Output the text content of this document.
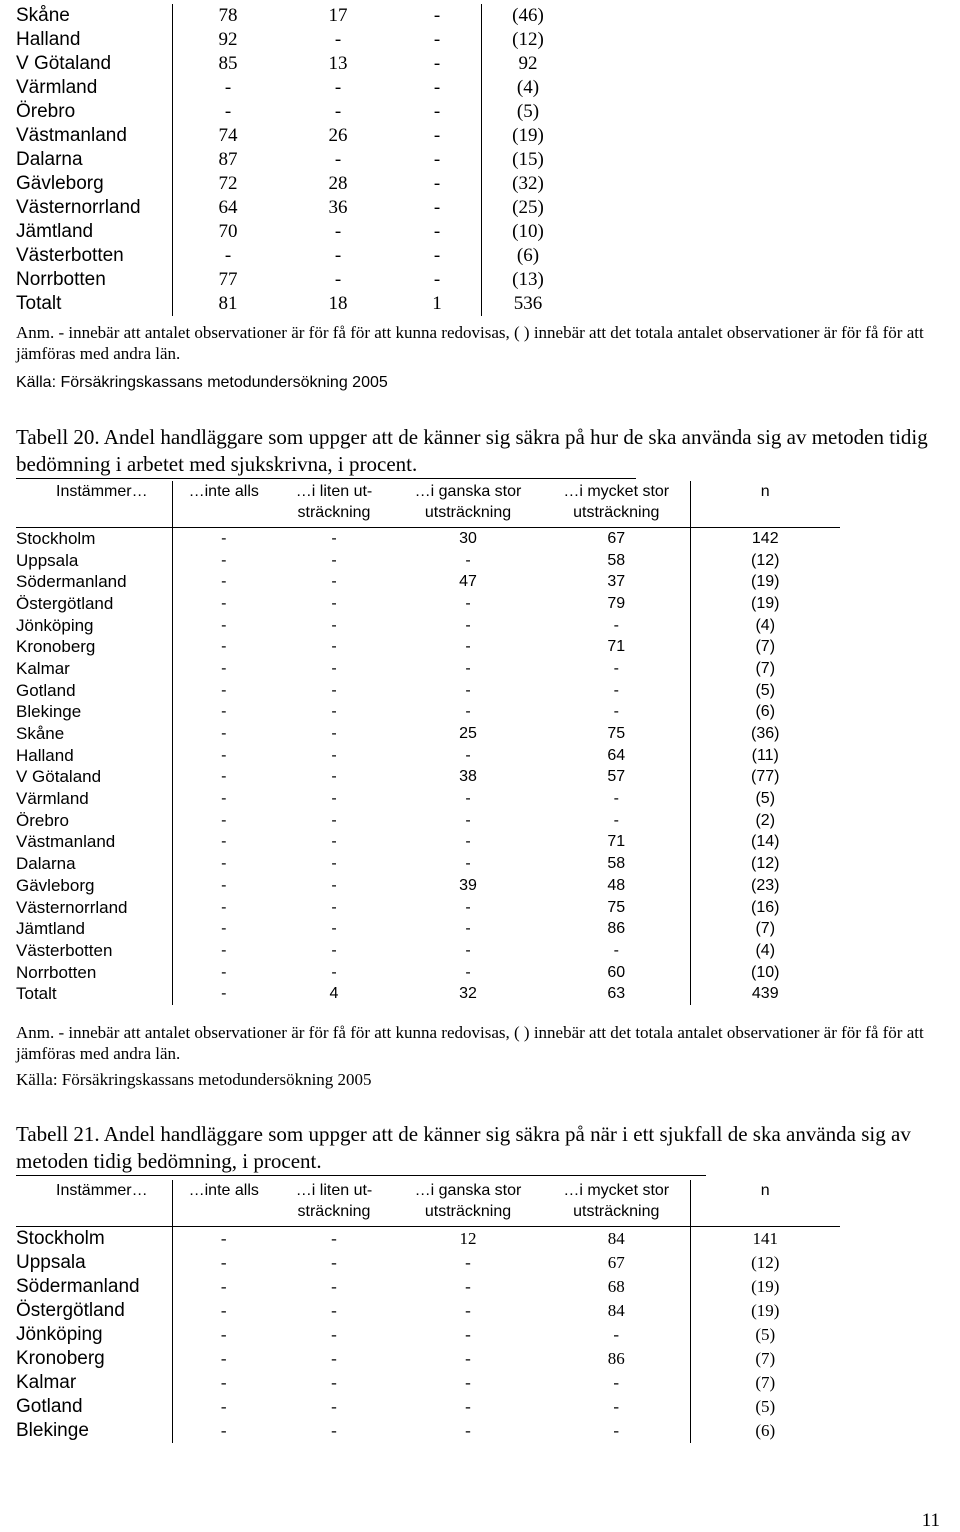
Skåne	78	17	-	(46)
Halland	92	-	-	(12)
V Götaland	85	13	-	92
Värmland	-	-	-	(4)
Örebro	-	-	-	(5)
Västmanland	74	26	-	(19)
Dalarna	87	-	-	(15)
Gävleborg	72	28	-	(32)
Västernorrland	64	36	-	(25)
Jämtland	70	-	-	(10)
Västerbotten	-	-	-	(6)
Norrbotten	77	-	-	(13)
Totalt	81	18	1	536
Anm. - innebär att antalet observationer är för få för att kunna redovisas, ( ) innebär att det totala antalet observationer är för få för att jämföras med andra län.
Källa: Försäkringskassans metodundersökning 2005
Tabell 20. Andel handläggare som uppger att de känner sig säkra på hur de ska använda sig av metoden tidig bedömning i arbetet med sjukskrivna, i procent.
Instämmer…	…inte alls	…i liten ut-sträckning	…i ganska stor utsträckning	…i mycket stor utsträckning	n
Stockholm	-	-	30	67	142
Uppsala	-	-	-	58	(12)
Södermanland	-	-	47	37	(19)
Östergötland	-	-	-	79	(19)
Jönköping	-	-	-	-	(4)
Kronoberg	-	-	-	71	(7)
Kalmar	-	-	-	-	(7)
Gotland	-	-	-	-	(5)
Blekinge	-	-	-	-	(6)
Skåne	-	-	25	75	(36)
Halland	-	-	-	64	(11)
V Götaland	-	-	38	57	(77)
Värmland	-	-	-	-	(5)
Örebro	-	-	-	-	(2)
Västmanland	-	-	-	71	(14)
Dalarna	-	-	-	58	(12)
Gävleborg	-	-	39	48	(23)
Västernorrland	-	-	-	75	(16)
Jämtland	-	-	-	86	(7)
Västerbotten	-	-	-	-	(4)
Norrbotten	-	-	-	60	(10)
Totalt	-	4	32	63	439
Anm. - innebär att antalet observationer är för få för att kunna redovisas, ( ) innebär att det totala antalet observationer är för få för att jämföras med andra län.
Källa: Försäkringskassans metodundersökning 2005
Tabell 21. Andel handläggare som uppger att de känner sig säkra på när i ett sjukfall de ska använda sig av metoden tidig bedömning, i procent.
Instämmer…	…inte alls	…i liten ut-sträckning	…i ganska stor utsträckning	…i mycket stor utsträckning	n
Stockholm	-	-	12	84	141
Uppsala	-	-	-	67	(12)
Södermanland	-	-	-	68	(19)
Östergötland	-	-	-	84	(19)
Jönköping	-	-	-	-	(5)
Kronoberg	-	-	-	86	(7)
Kalmar	-	-	-	-	(7)
Gotland	-	-	-	-	(5)
Blekinge	-	-	-	-	(6)
11
